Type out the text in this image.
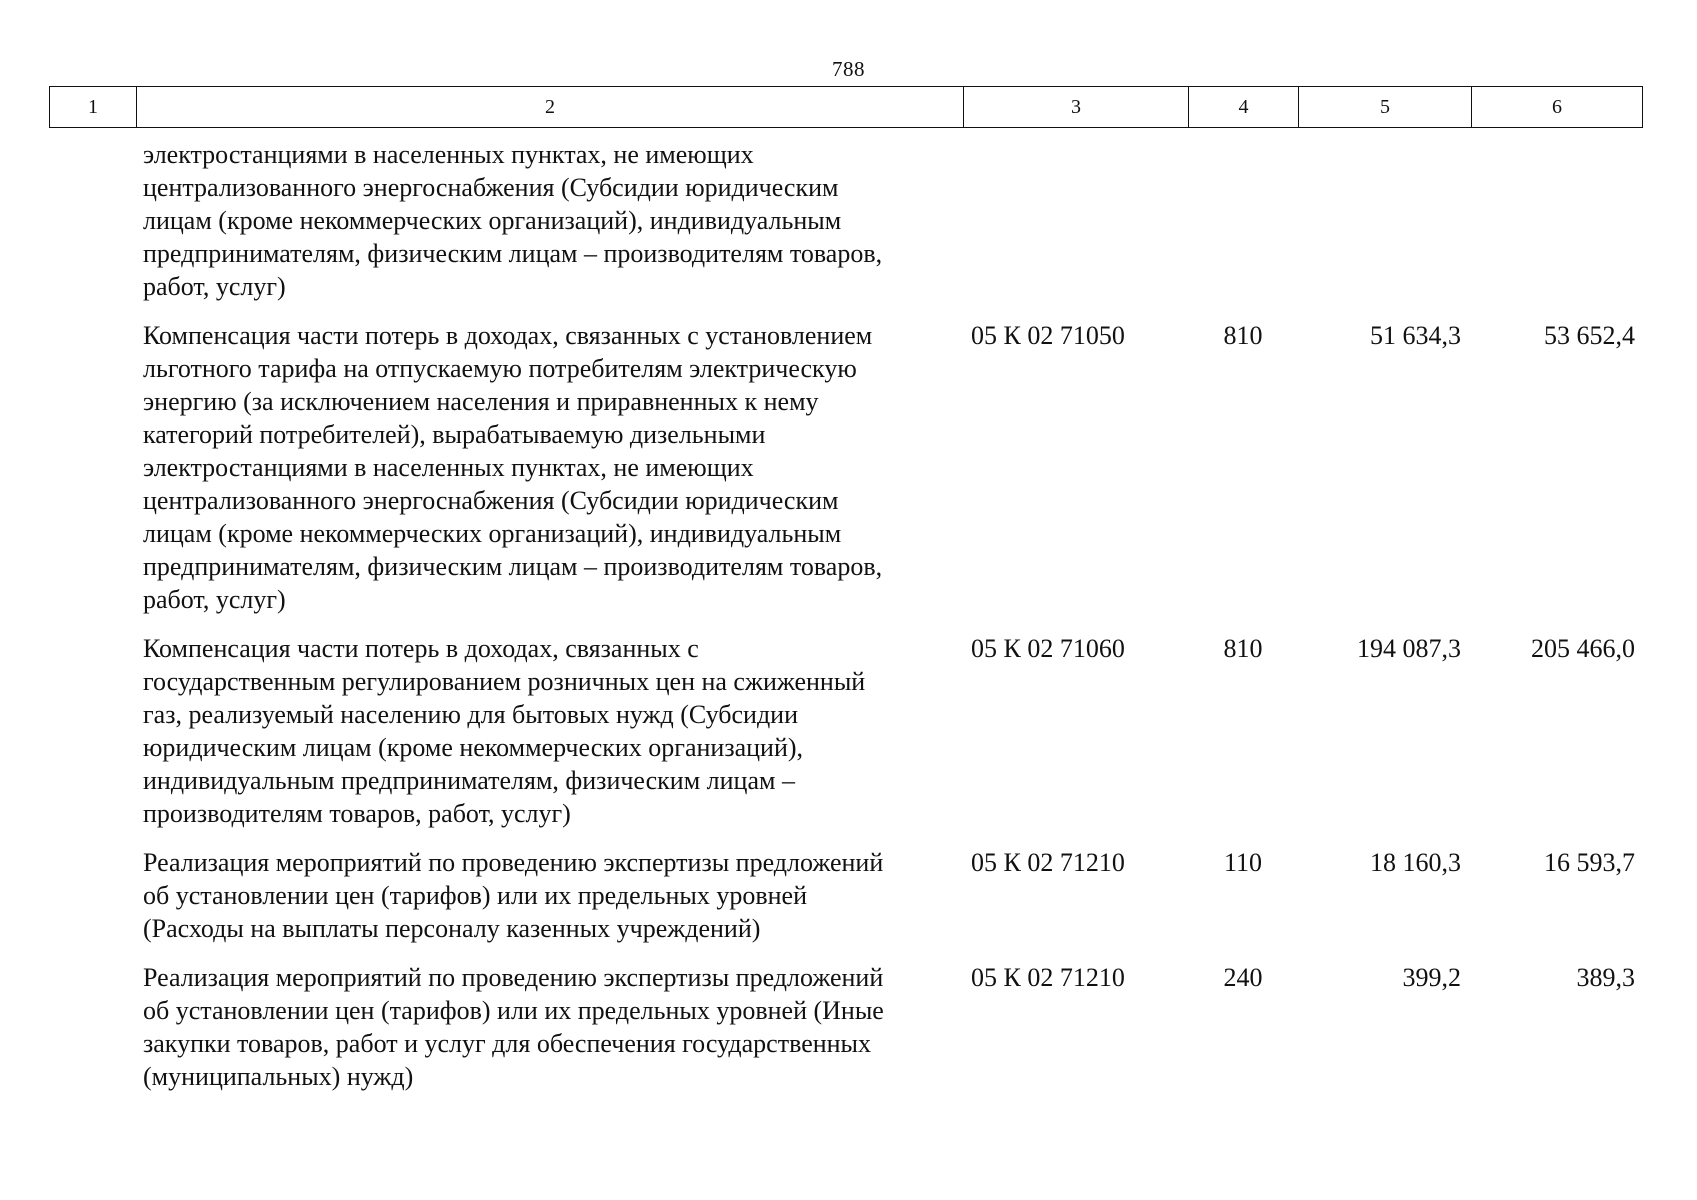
788
1	2	3	4	5	6
электростанциями в населенных пунктах, не имеющих
централизованного энергоснабжения (Субсидии юридическим
лицам (кроме некоммерческих организаций), индивидуальным
предпринимателям, физическим лицам – производителям товаров,
работ, услуг)
Компенсация части потерь в доходах, связанных с установлением
льготного тарифа на отпускаемую потребителям электрическую
энергию (за исключением населения и приравненных к нему
категорий потребителей), вырабатываемую дизельными
электростанциями в населенных пунктах, не имеющих
централизованного энергоснабжения (Субсидии юридическим
лицам (кроме некоммерческих организаций), индивидуальным
предпринимателям, физическим лицам – производителям товаров,
работ, услуг)
05 К 02 71050	810	51 634,3	53 652,4
Компенсация части потерь в доходах, связанных с
государственным регулированием розничных цен на сжиженный
газ, реализуемый населению для бытовых нужд (Субсидии
юридическим лицам (кроме некоммерческих организаций),
индивидуальным предпринимателям, физическим лицам –
производителям товаров, работ, услуг)
05 К 02 71060	810	194 087,3	205 466,0
Реализация мероприятий по проведению экспертизы предложений
об установлении цен (тарифов) или их предельных уровней
(Расходы на выплаты персоналу казенных учреждений)
05 К 02 71210	110	18 160,3	16 593,7
Реализация мероприятий по проведению экспертизы предложений
об установлении цен (тарифов) или их предельных уровней (Иные
закупки товаров, работ и услуг для обеспечения государственных
(муниципальных) нужд)
05 К 02 71210	240	399,2	389,3
